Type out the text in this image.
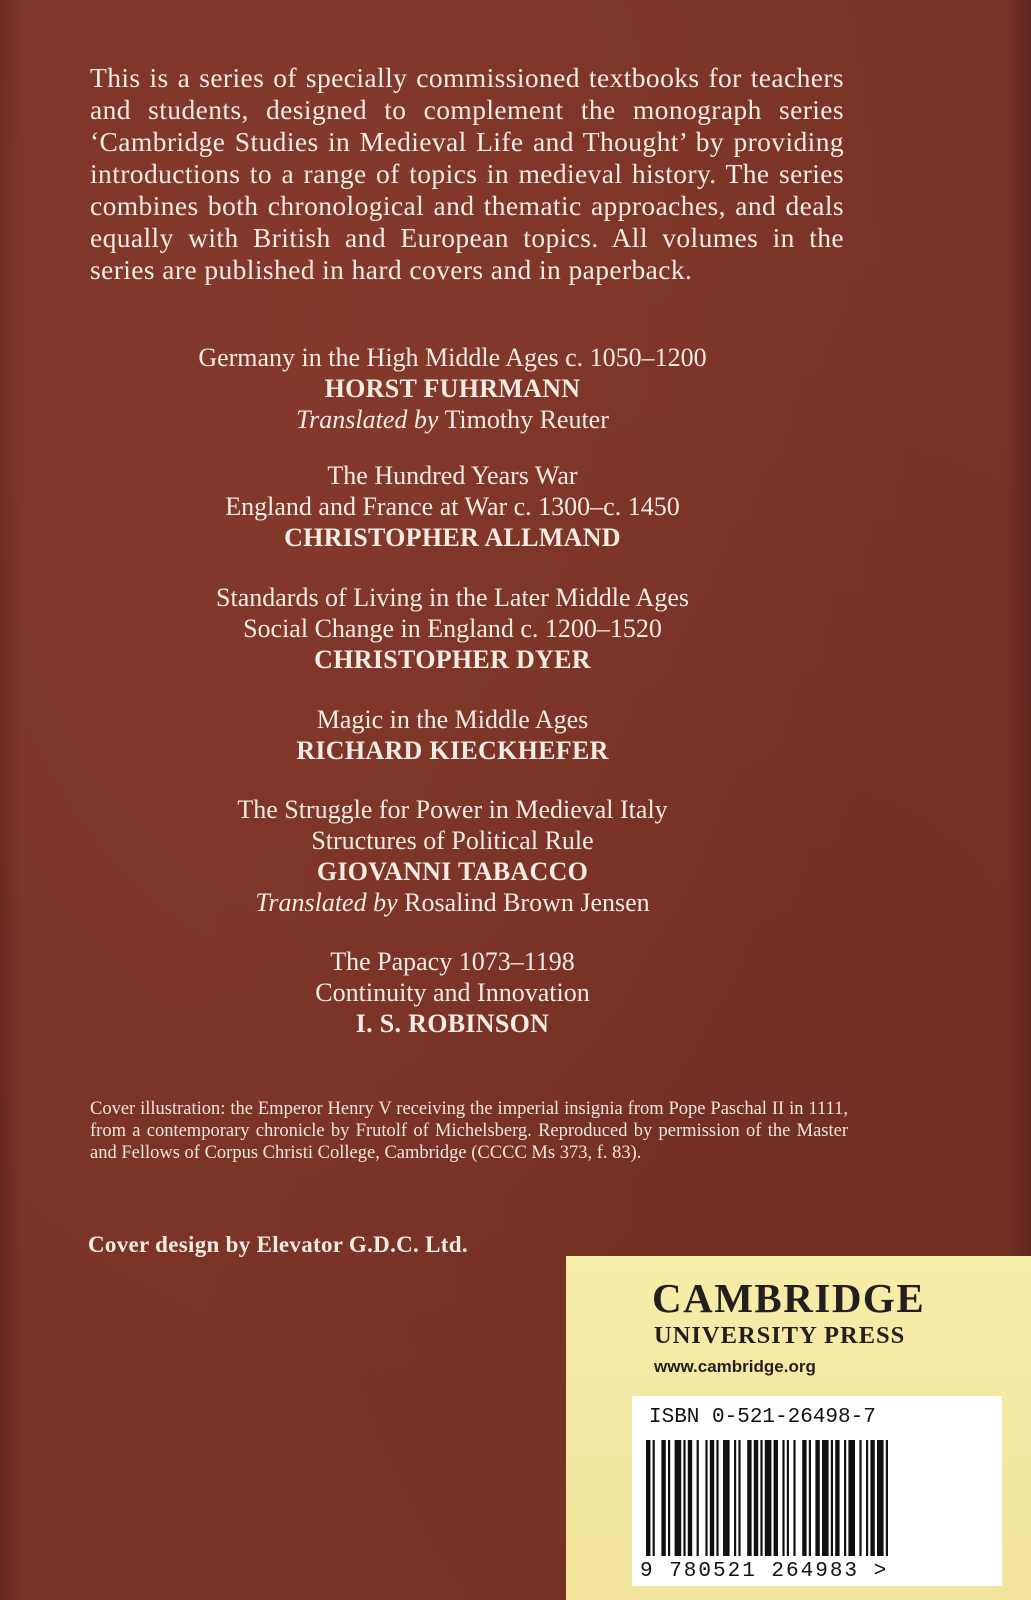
This is a series of specially commissioned textbooks for teachers and students, designed to complement the monograph series ‘Cambridge Studies in Medieval Life and Thought’ by providing introductions to a range of topics in medieval history. The series combines both chronological and thematic approaches, and deals equally with British and European topics. All volumes in the series are published in hard covers and in paperback.
Germany in the High Middle Ages c. 1050–1200
HORST FUHRMANN
Translated by Timothy Reuter
The Hundred Years War
England and France at War c. 1300–c. 1450
CHRISTOPHER ALLMAND
Standards of Living in the Later Middle Ages
Social Change in England c. 1200–1520
CHRISTOPHER DYER
Magic in the Middle Ages
RICHARD KIECKHEFER
The Struggle for Power in Medieval Italy
Structures of Political Rule
GIOVANNI TABACCO
Translated by Rosalind Brown Jensen
The Papacy 1073–1198
Continuity and Innovation
I. S. ROBINSON
Cover illustration: the Emperor Henry V receiving the imperial insignia from Pope Paschal II in 1111, from a contemporary chronicle by Frutolf of Michelsberg. Reproduced by permission of the Master and Fellows of Corpus Christi College, Cambridge (CCCC Ms 373, f. 83).
Cover design by Elevator G.D.C. Ltd.
CAMBRIDGE
UNIVERSITY PRESS
www.cambridge.org
ISBN 0-521-26498-7
9 780521 264983 >
